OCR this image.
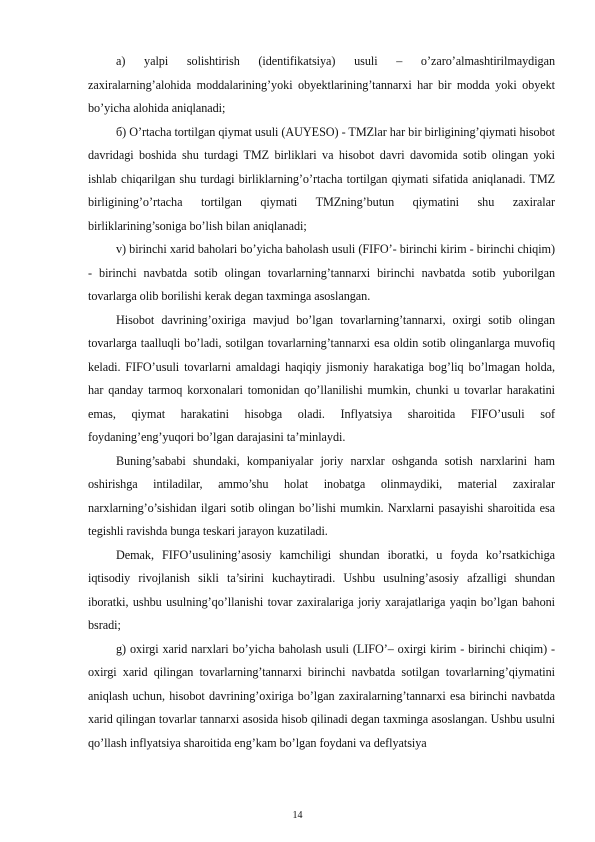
a) yalpi solishtirish (identifikatsiya) usuli – o’zaro’almashtirilmaydigan zaxiralarning’alohida moddalarining’yoki obyektlarining’tannarxi har bir modda yoki obyekt bo’yicha alohida aniqlanadi;

б) O’rtacha tortilgan qiymat usuli (AUYESO) - TMZlar har bir birligining’qiymati hisobot davridagi boshida shu turdagi TMZ birliklari va hisobot davri davomida sotib olingan yoki ishlab chiqarilgan shu turdagi birliklarning’o’rtacha tortilgan qiymati sifatida aniqlanadi. TMZ birligining’o’rtacha tortilgan qiymati TMZning’butun qiymatini shu zaxiralar birliklarining’soniga bo’lish bilan aniqlanadi;

v) birinchi xarid baholari bo’yicha baholash usuli (FIFO’- birinchi kirim - birinchi chiqim) - birinchi navbatda sotib olingan tovarlarning’tannarxi birinchi navbatda sotib yuborilgan tovarlarga olib borilishi kerak degan taxminga asoslangan.

Hisobot davrining’oxiriga mavjud bo’lgan tovarlarning’tannarxi, oxirgi sotib olingan tovarlarga taalluqli bo’ladi, sotilgan tovarlarning’tannarxi esa oldin sotib olinganlarga muvofiq keladi. FIFO’usuli tovarlarni amaldagi haqiqiy jismoniy harakatiga bog’liq bo’lmagan holda, har qanday tarmoq korxonalari tomonidan qo’llanilishi mumkin, chunki u tovarlar harakatini emas, qiymat harakatini hisobga oladi. Inflyatsiya sharoitida FIFO’usuli sof foydaning’eng’yuqori bo’lgan darajasini ta’minlaydi.

Buning’sababi shundaki, kompaniyalar joriy narxlar oshganda sotish narxlarini ham oshirishga intiladilar, ammo’shu holat inobatga olinmaydiki, material zaxiralar narxlarning’o’sishidan ilgari sotib olingan bo’lishi mumkin. Narxlarni pasayishi sharoitida esa tegishli ravishda bunga teskari jarayon kuzatiladi.

Demak, FIFO’usulining’asosiy kamchiligi shundan iboratki, u foyda ko’rsatkichiga iqtisodiy rivojlanish sikli ta’sirini kuchaytiradi. Ushbu usulning’asosiy afzalligi shundan iboratki, ushbu usulning’qo’llanishi tovar zaxiralariga joriy xarajatlariga yaqin bo’lgan bahoni bsradi;

g) oxirgi xarid narxlari bo’yicha baholash usuli (LIFO’– oxirgi kirim - birinchi chiqim) - oxirgi xarid qilingan tovarlarning’tannarxi birinchi navbatda sotilgan tovarlarning’qiymatini aniqlash uchun, hisobot davrining’oxiriga bo’lgan zaxiralarning’tannarxi esa birinchi navbatda xarid qilingan tovarlar tannarxi asosida hisob qilinadi degan taxminga asoslangan. Ushbu usulni qo’llash inflyatsiya sharoitida eng’kam bo’lgan foydani va deflyatsiya

14
